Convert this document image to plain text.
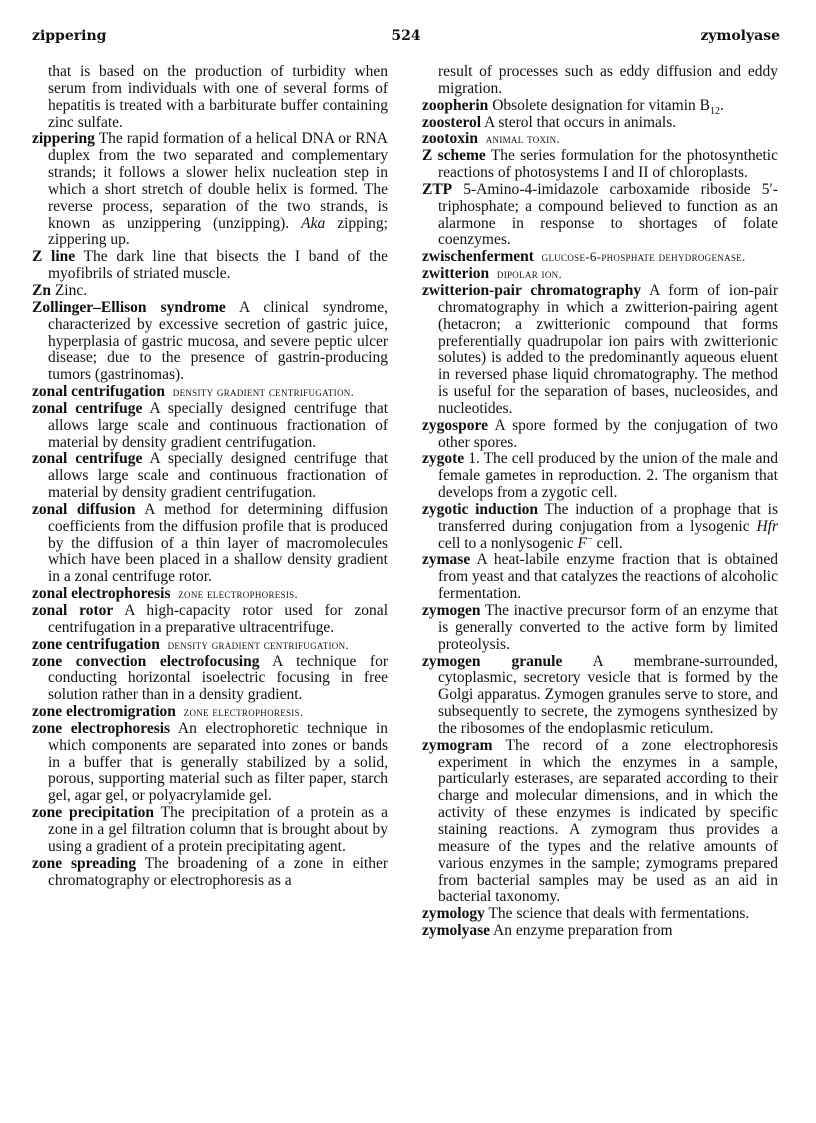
zippering	524	zymolyase

that is based on the production of turbidity when serum from individuals with one of several forms of hepatitis is treated with a barbiturate buffer containing zinc sulfate.

zippering The rapid formation of a helical DNA or RNA duplex from the two separated and complementary strands; it follows a slower helix nucleation step in which a short stretch of double helix is formed. The reverse process, separation of the two strands, is known as unzippering (unzipping). Aka zipping; zippering up.

Z line The dark line that bisects the I band of the myofibrils of striated muscle.

Zn Zinc.

Zollinger–Ellison syndrome A clinical syndrome, characterized by excessive secretion of gastric juice, hyperplasia of gastric mucosa, and severe peptic ulcer disease; due to the presence of gastrin-producing tumors (gastrinomas).

zonal centrifugation density gradient centrifugation.

zonal centrifuge A specially designed centrifuge that allows large scale and continuous fractionation of material by density gradient centrifugation.

zonal centrifuge A specially designed centrifuge that allows large scale and continuous fractionation of material by density gradient centrifugation.

zonal diffusion A method for determining diffusion coefficients from the diffusion profile that is produced by the diffusion of a thin layer of macromolecules which have been placed in a shallow density gradient in a zonal centrifuge rotor.

zonal electrophoresis zone electrophoresis.

zonal rotor A high-capacity rotor used for zonal centrifugation in a preparative ultracentrifuge.

zone centrifugation density gradient centrifugation.

zone convection electrofocusing A technique for conducting horizontal isoelectric focusing in free solution rather than in a density gradient.

zone electromigration zone electrophoresis.

zone electrophoresis An electrophoretic technique in which components are separated into zones or bands in a buffer that is generally stabilized by a solid, porous, supporting material such as filter paper, starch gel, agar gel, or polyacrylamide gel.

zone precipitation The precipitation of a protein as a zone in a gel filtration column that is brought about by using a gradient of a protein precipitating agent.

zone spreading The broadening of a zone in either chromatography or electrophoresis as a

result of processes such as eddy diffusion and eddy migration.

zoopherin Obsolete designation for vitamin $B_{12}$.

zoosterol A sterol that occurs in animals.

zootoxin animal toxin.

Z scheme The series formulation for the photosynthetic reactions of photosystems I and II of chloroplasts.

ZTP 5-Amino-4-imidazole carboxamide riboside 5′-triphosphate; a compound believed to function as an alarmone in response to shortages of folate coenzymes.

zwischenferment glucose-6-phosphate dehydrogenase.

zwitterion dipolar ion.

zwitterion-pair chromatography A form of ion-pair chromatography in which a zwitterion-pairing agent (hetacron; a zwitterionic compound that forms preferentially quadrupolar ion pairs with zwitterionic solutes) is added to the predominantly aqueous eluent in reversed phase liquid chromatography. The method is useful for the separation of bases, nucleosides, and nucleotides.

zygospore A spore formed by the conjugation of two other spores.

zygote 1. The cell produced by the union of the male and female gametes in reproduction. 2. The organism that develops from a zygotic cell.

zygotic induction The induction of a prophage that is transferred during conjugation from a lysogenic Hfr cell to a nonlysogenic F− cell.

zymase A heat-labile enzyme fraction that is obtained from yeast and that catalyzes the reactions of alcoholic fermentation.

zymogen The inactive precursor form of an enzyme that is generally converted to the active form by limited proteolysis.

zymogen granule A membrane-surrounded, cytoplasmic, secretory vesicle that is formed by the Golgi apparatus. Zymogen granules serve to store, and subsequently to secrete, the zymogens synthesized by the ribosomes of the endoplasmic reticulum.

zymogram The record of a zone electrophoresis experiment in which the enzymes in a sample, particularly esterases, are separated according to their charge and molecular dimensions, and in which the activity of these enzymes is indicated by specific staining reactions. A zymogram thus provides a measure of the types and the relative amounts of various enzymes in the sample; zymograms prepared from bacterial samples may be used as an aid in bacterial taxonomy.

zymology The science that deals with fermentations.

zymolyase An enzyme preparation from
